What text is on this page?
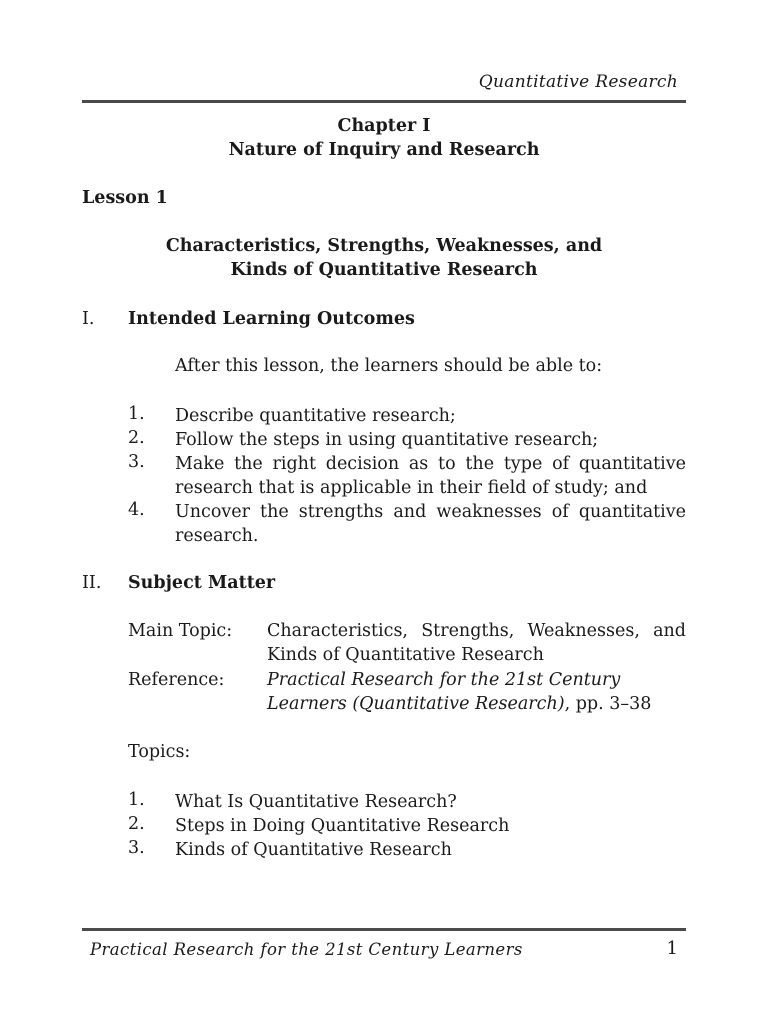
Quantitative Research
Chapter I
Nature of Inquiry and Research
Lesson 1
Characteristics, Strengths, Weaknesses, and
Kinds of Quantitative Research
I. Intended Learning Outcomes
After this lesson, the learners should be able to:
1. Describe quantitative research;
2. Follow the steps in using quantitative research;
3. Make the right decision as to the type of quantitative research that is applicable in their field of study; and
4. Uncover the strengths and weaknesses of quantitative research.
II. Subject Matter
Main Topic: Characteristics, Strengths, Weaknesses, and
Kinds of Quantitative Research
Reference: Practical Research for the 21st Century
Learners (Quantitative Research), pp. 3–38
Topics:
1. What Is Quantitative Research?
2. Steps in Doing Quantitative Research
3. Kinds of Quantitative Research
Practical Research for the 21st Century Learners	1
